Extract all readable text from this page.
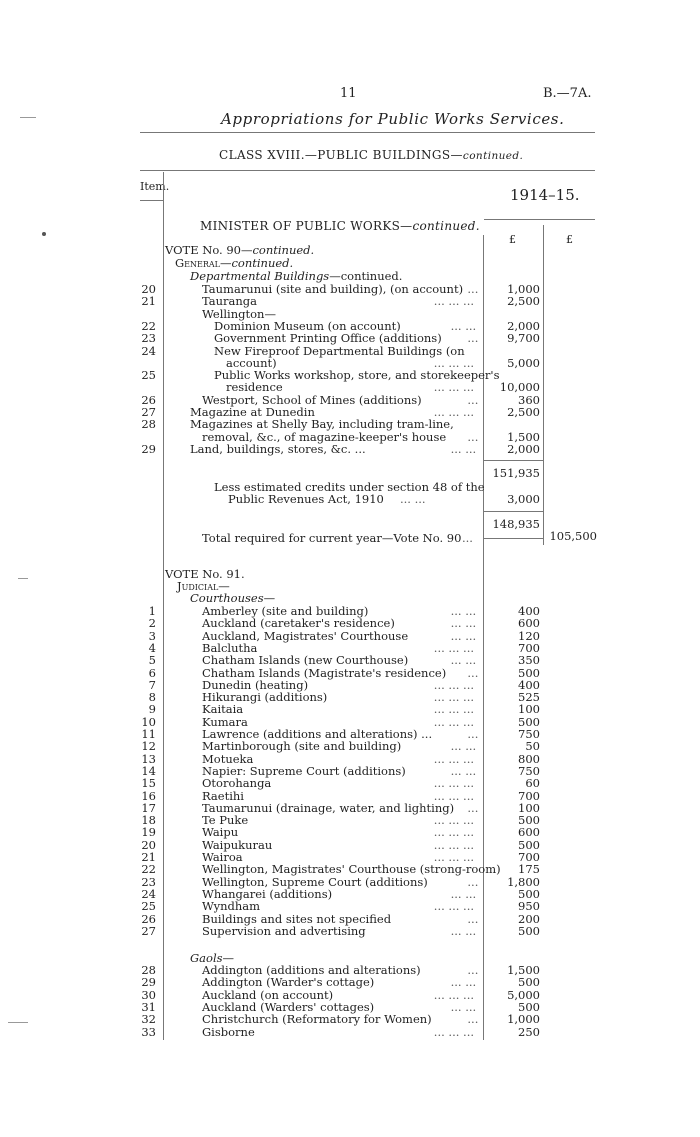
11	B.—7A.
Appropriations for Public Works Services.
CLASS XVIII.—PUBLIC BUILDINGS—continued.
Item.	1914–15.
MINISTER OF PUBLIC WORKS—continued.
£	£
VOTE No. 90—continued.
General—continued.
Departmental Buildings—continued.
20	Taumarunui (site and building), (on account) ...	1,000
21	Tauranga	... ... ...	2,500
Wellington—
22	Dominion Museum (on account)	... ...	2,000
23	Government Printing Office (additions) ...	9,700
24	New Fireproof Departmental Buildings (on
account)	... ... ...	5,000
25	Public Works workshop, store, and storekeeper's
residence	... ... ...	10,000
26	Westport, School of Mines (additions)	...	360
27	Magazine at Dunedin	... ... ...	2,500
28	Magazines at Shelly Bay, including tram-line,
removal, &c., of magazine-keeper's house ...	1,500
29	Land, buildings, stores, &c. ...	... ...	2,000
151,935
Less estimated credits under section 48 of the
Public Revenues Act, 1910 ... ...	3,000
148,935
Total required for current year—Vote No. 90 ...	105,500
VOTE No. 91.
Judicial—
Courthouses—
1	Amberley (site and building)	... ...	400
2	Auckland (caretaker's residence)	... ...	600
3	Auckland, Magistrates' Courthouse	... ...	120
4	Balclutha	... ... ...	700
5	Chatham Islands (new Courthouse)	... ...	350
6	Chatham Islands (Magistrate's residence) ...	500
7	Dunedin (heating)	... ... ...	400
8	Hikurangi (additions)	... ... ...	525
9	Kaitaia	... ... ...	100
10	Kumara	... ... ...	500
11	Lawrence (additions and alterations) ...	...	750
12	Martinborough (site and building)	... ...	50
13	Motueka	... ... ...	800
14	Napier: Supreme Court (additions)	... ...	750
15	Otorohanga	... ... ...	60
16	Raetihi	... ... ...	700
17	Taumarunui (drainage, water, and lighting) ...	100
18	Te Puke	... ... ...	500
19	Waipu	... ... ...	600
20	Waipukurau	... ... ...	500
21	Wairoa	... ... ...	700
22	Wellington, Magistrates' Courthouse (strong-room)	175
23	Wellington, Supreme Court (additions)	...	1,800
24	Whangarei (additions)	... ...	500
25	Wyndham	... ... ...	950
26	Buildings and sites not specified	...	200
27	Supervision and advertising	... ...	500
Gaols—
28	Addington (additions and alterations)	...	1,500
29	Addington (Warder's cottage)	... ...	500
30	Auckland (on account)	... ... ...	5,000
31	Auckland (Warders' cottages)	... ...	500
32	Christchurch (Reformatory for Women)	...	1,000
33	Gisborne	... ... ...	250
